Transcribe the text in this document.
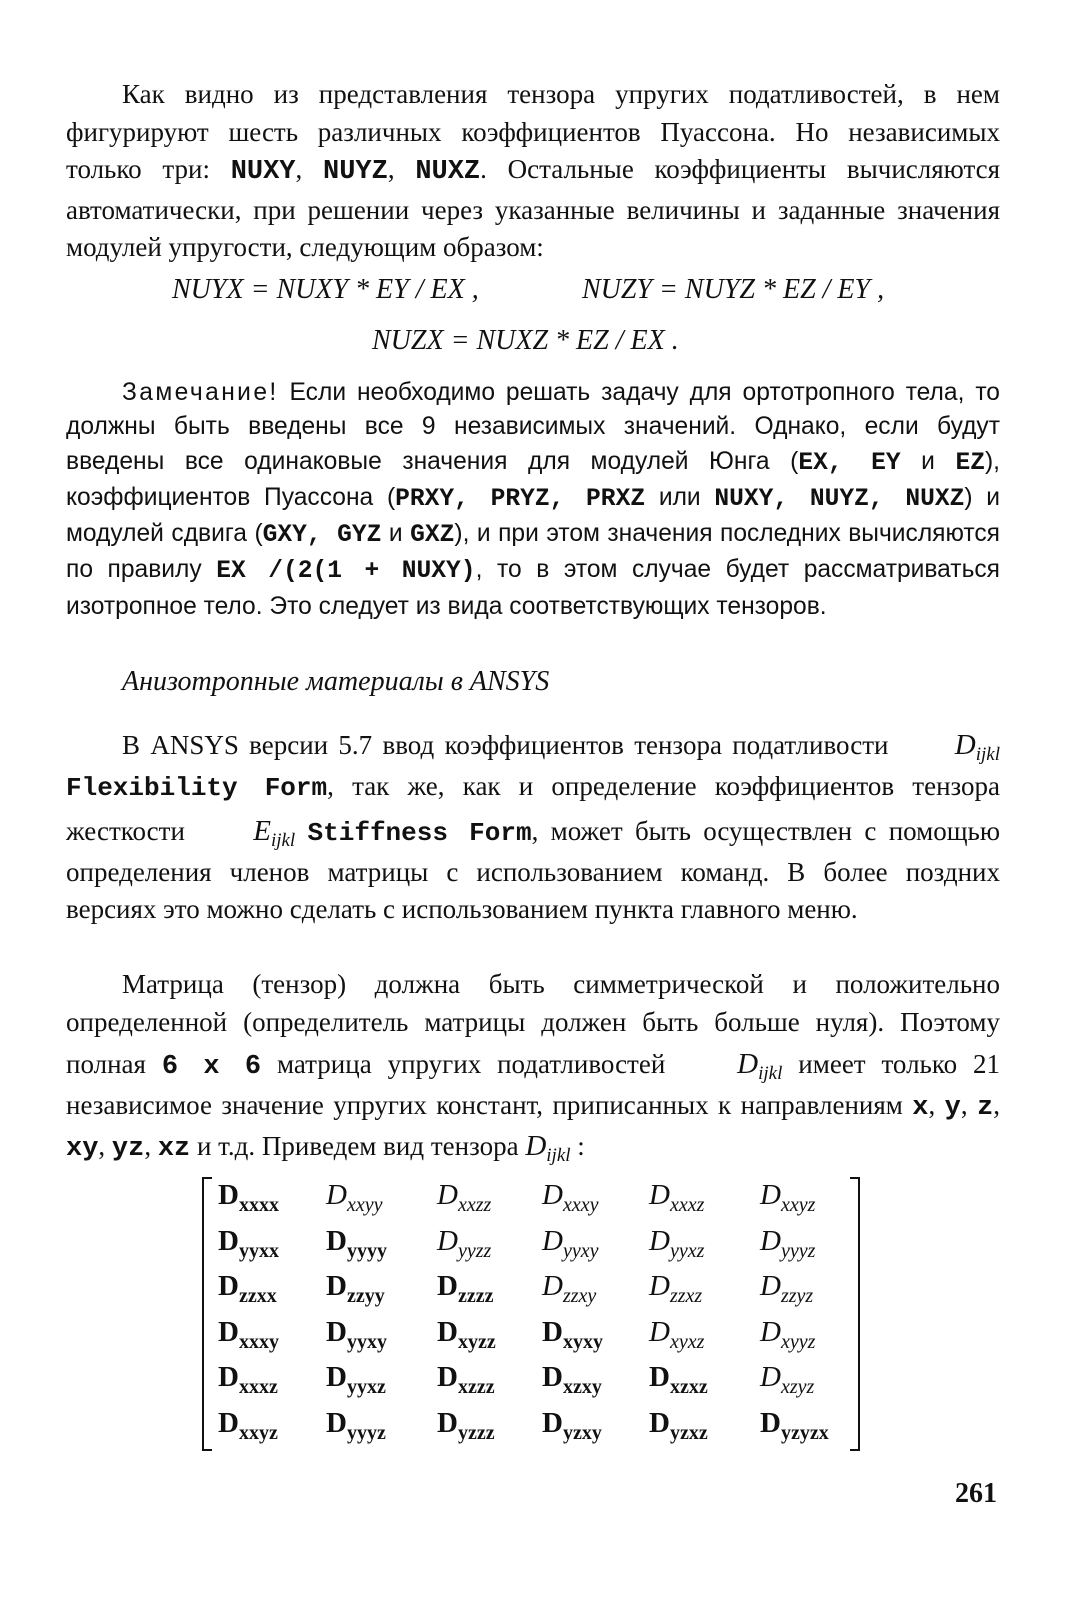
Как видно из представления тензора упругих податливостей, в нем фигурируют шесть различных коэффициентов Пуассона. Но независимых только три: NUXY, NUYZ, NUXZ. Остальные коэффициенты вычисляются автоматически, при решении через указанные величины и заданные значения модулей упругости, следующим образом:
NUYX = NUXY * EY / EX ,	NUZY = NUYZ * EZ / EY ,
NUZX = NUXZ * EZ / EX .
Замечание! Если необходимо решать задачу для ортотропного тела, то должны быть введены все 9 независимых значений. Однако, если будут введены все одинаковые значения для модулей Юнга (EX, EY и EZ), коэффициентов Пуассона (PRXY, PRYZ, PRXZ или NUXY, NUYZ, NUXZ) и модулей сдвига (GXY, GYZ и GXZ), и при этом значения последних вычисляются по правилу EX /(2(1 + NUXY), то в этом случае будет рассматриваться изотропное тело. Это следует из вида соответствующих тензоров.
Анизотропные материалы в ANSYS
В ANSYS версии 5.7 ввод коэффициентов тензора податливости $D_{ijkl}$ Flexibility Form, так же, как и определение коэффициентов тензора жесткости $E_{ijkl}$ Stiffness Form, может быть осуществлен с помощью определения членов матрицы с использованием команд. В более поздних версиях это можно сделать с использованием пункта главного меню.
Матрица (тензор) должна быть симметрической и положительно определенной (определитель матрицы должен быть больше нуля). Поэтому полная 6 x 6 матрица упругих податливостей $D_{ijkl}$ имеет только 21 независимое значение упругих констант, приписанных к направлениям x, y, z, xy, yz, xz и т.д. Приведем вид тензора $D_{ijkl}$ :
$D_{xxxx}$ $D_{xxyy}$ $D_{xxzz}$ $D_{xxxy}$ $D_{xxxz}$ $D_{xxyz}$
$D_{yyxx}$ $D_{yyyy}$ $D_{yyzz}$ $D_{yyxy}$ $D_{yyxz}$ $D_{yyyz}$
$D_{zzxx}$ $D_{zzyy}$ $D_{zzzz}$ $D_{zzxy}$ $D_{zzxz}$ $D_{zzyz}$
$D_{xxxy}$ $D_{yyxy}$ $D_{xyzz}$ $D_{xyxy}$ $D_{xyxz}$ $D_{xyyz}$
$D_{xxxz}$ $D_{yyxz}$ $D_{xzzz}$ $D_{xzxy}$ $D_{xzxz}$ $D_{xzyz}$
$D_{xxyz}$ $D_{yyyz}$ $D_{yzzz}$ $D_{yzxy}$ $D_{yzxz}$ $D_{yzyzx}$
261
